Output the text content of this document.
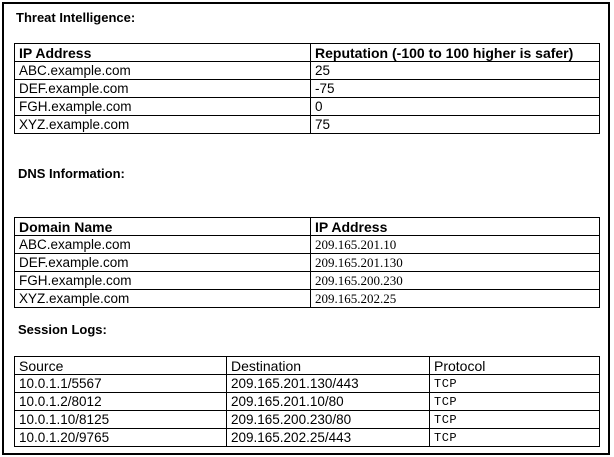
Threat Intelligence:
IP Address	Reputation (-100 to 100 higher is safer)
ABC.example.com	25
DEF.example.com	-75
FGH.example.com	0
XYZ.example.com	75
DNS Information:
Domain Name	IP Address
ABC.example.com	209.165.201.10
DEF.example.com	209.165.201.130
FGH.example.com	209.165.200.230
XYZ.example.com	209.165.202.25
Session Logs:
Source	Destination	Protocol
10.0.1.1/5567	209.165.201.130/443	TCP
10.0.1.2/8012	209.165.201.10/80	TCP
10.0.1.10/8125	209.165.200.230/80	TCP
10.0.1.20/9765	209.165.202.25/443	TCP
